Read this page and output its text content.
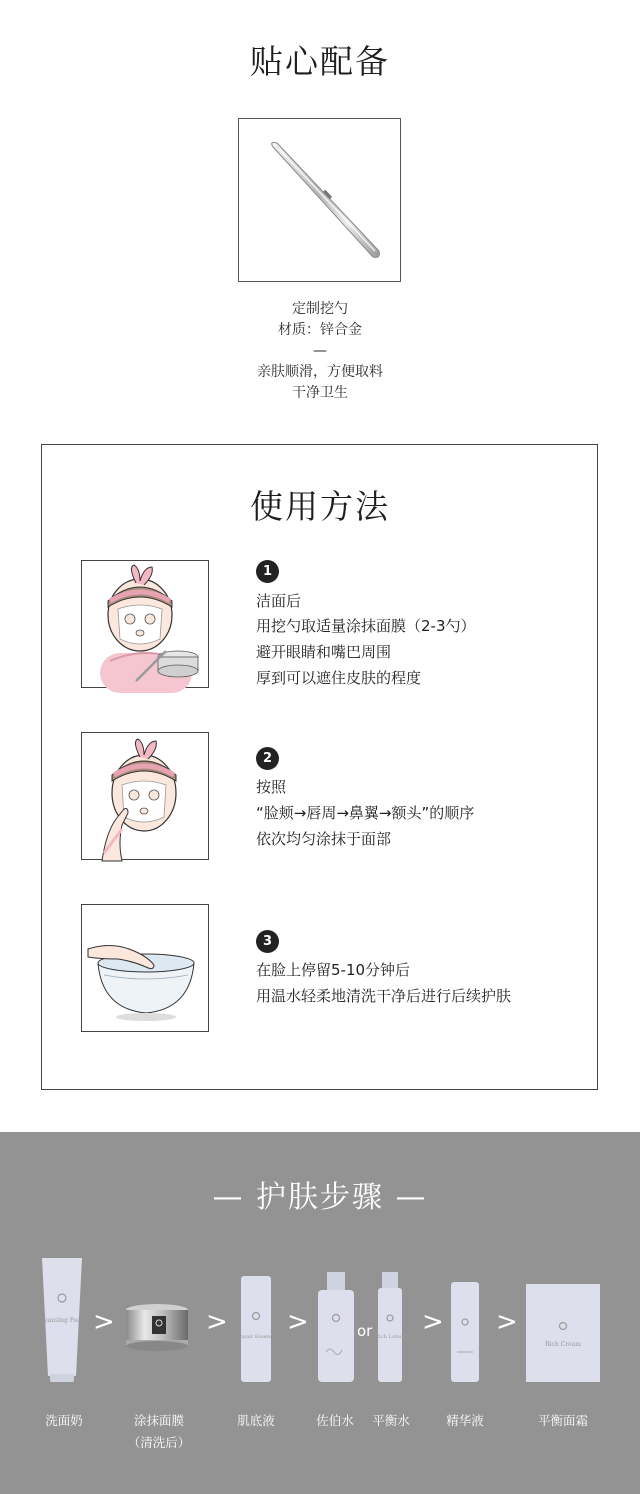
贴心配备
定制挖勺
材质：锌合金
—
亲肤顺滑，方便取料
干净卫生
使用方法
1
洁面后
用挖勺取适量涂抹面膜（2-3勺）
避开眼睛和嘴巴周围
厚到可以遮住皮肤的程度
2
按照
“脸颊→唇周→鼻翼→额头”的顺序
依次均匀涂抹于面部
3
在脸上停留5-10分钟后
用温水轻柔地清洗干净后进行后续护肤
— 护肤步骤 —
Cleansing Foam >	> Repair Essence >	or Rich Lotion > >
Rich Cream
洗面奶	涂抹面膜
（清洗后）
肌底液	佐伯水	平衡水	精华液	平衡面霜
